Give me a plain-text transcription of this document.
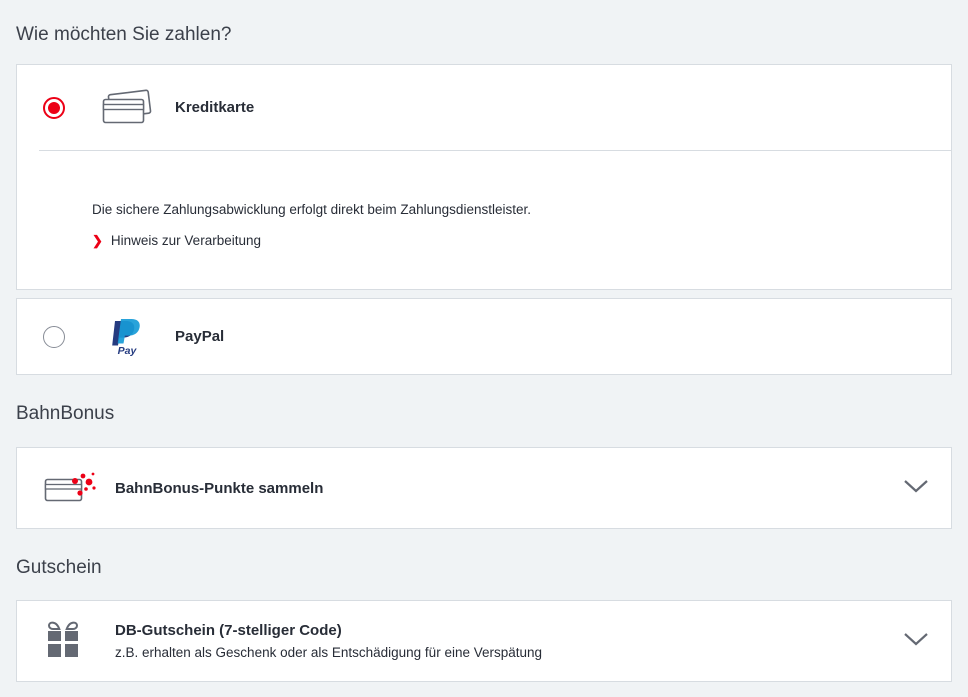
Wie möchten Sie zahlen?
Kreditkarte
Die sichere Zahlungsabwicklung erfolgt direkt beim Zahlungsdienstleister.
❯ Hinweis zur Verarbeitung
Pay
PayPal
BahnBonus
BahnBonus-Punkte sammeln
Gutschein
DB-Gutschein (7-stelliger Code)
z.B. erhalten als Geschenk oder als Entschädigung für eine Verspätung
